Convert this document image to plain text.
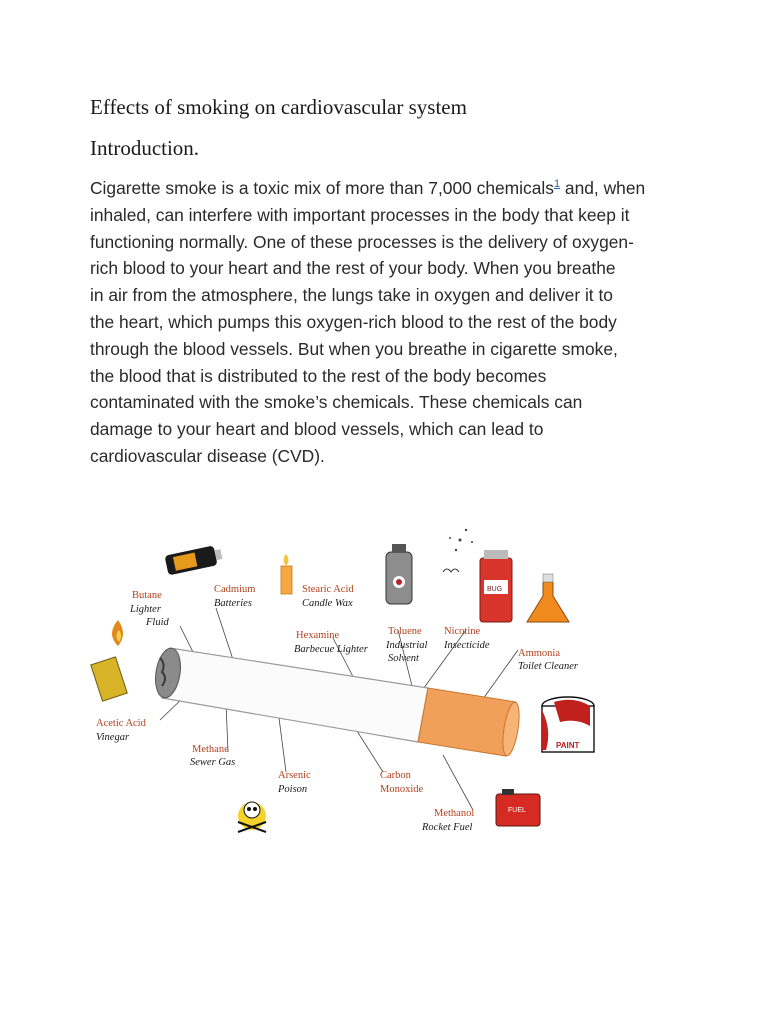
Effects of smoking on cardiovascular system
Introduction.

Cigarette smoke is a toxic mix of more than 7,000 chemicals$^1$ and, when
inhaled, can interfere with important processes in the body that keep it
functioning normally. One of these processes is the delivery of oxygen-
rich blood to your heart and the rest of your body. When you breathe
in air from the atmosphere, the lungs take in oxygen and deliver it to
the heart, which pumps this oxygen-rich blood to the rest of the body
through the blood vessels. But when you breathe in cigarette smoke,
the blood that is distributed to the rest of the body becomes
contaminated with the smoke’s chemicals. These chemicals can
damage to your heart and blood vessels, which can lead to
cardiovascular disease (CVD).

BUG
PAINT
FUEL
Butane
Lighter
Fluid
Cadmium
Batteries
Stearic Acid
Candle Wax
Hexamine
Barbecue Lighter
Toluene
Industrial
Solvent
Nicotine
Insecticide
Ammonia
Toilet Cleaner
Acetic Acid
Vinegar
Methane
Sewer Gas
Arsenic
Poison
Carbon
Monoxide
Methanol
Rocket Fuel
